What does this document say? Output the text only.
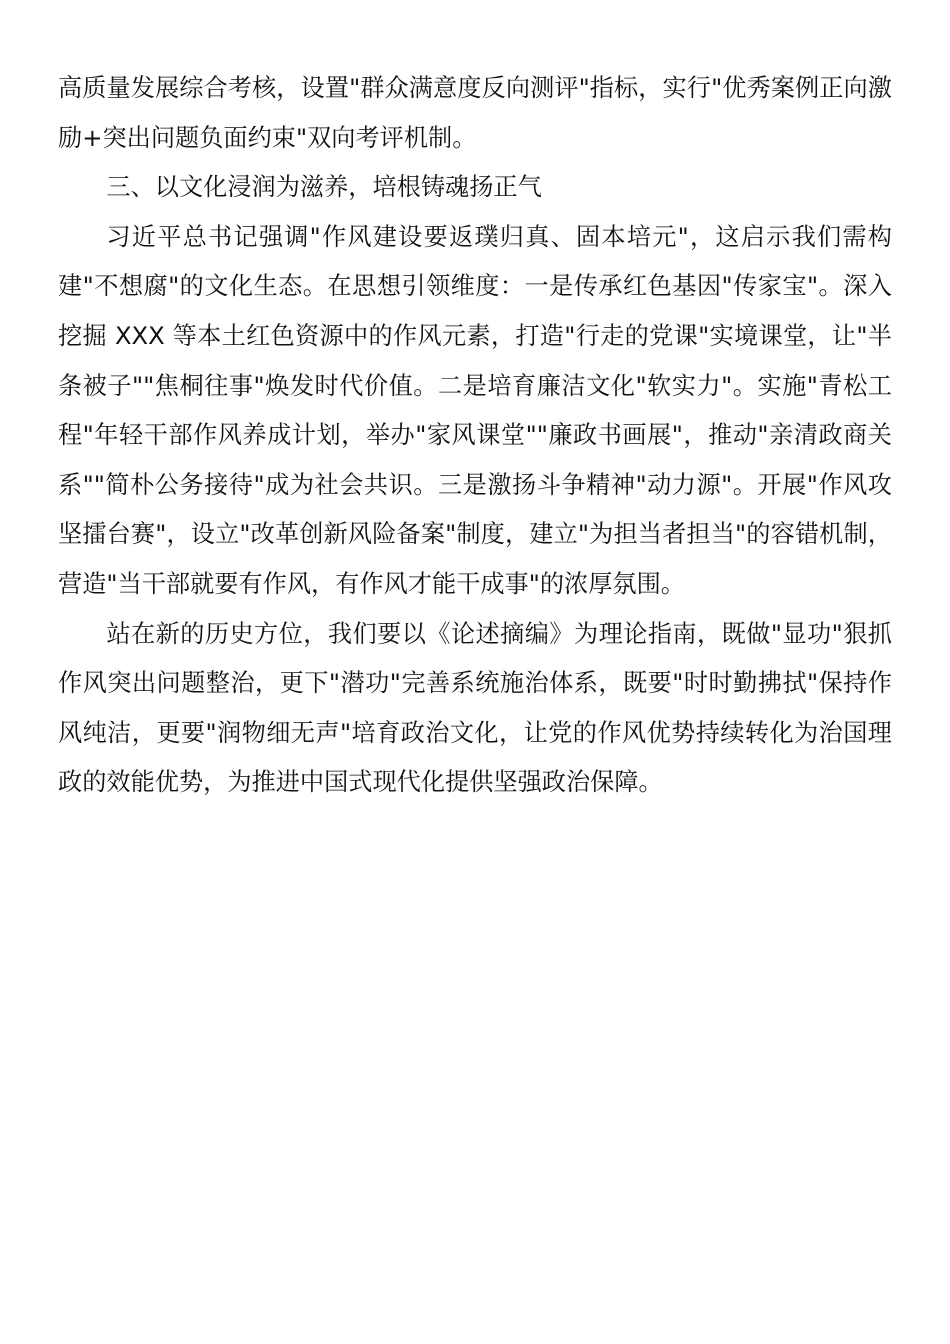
高质量发展综合考核，设置"群众满意度反向测评"指标，实行"优秀案例正向激励+突出问题负面约束"双向考评机制。

三、以文化浸润为滋养，培根铸魂扬正气

习近平总书记强调"作风建设要返璞归真、固本培元"，这启示我们需构建"不想腐"的文化生态。在思想引领维度：一是传承红色基因"传家宝"。深入挖掘 XXX 等本土红色资源中的作风元素，打造"行走的党课"实境课堂，让"半条被子""焦桐往事"焕发时代价值。二是培育廉洁文化"软实力"。实施"青松工程"年轻干部作风养成计划，举办"家风课堂""廉政书画展"，推动"亲清政商关系""简朴公务接待"成为社会共识。三是激扬斗争精神"动力源"。开展"作风攻坚擂台赛"，设立"改革创新风险备案"制度，建立"为担当者担当"的容错机制，营造"当干部就要有作风，有作风才能干成事"的浓厚氛围。

站在新的历史方位，我们要以《论述摘编》为理论指南，既做"显功"狠抓作风突出问题整治，更下"潜功"完善系统施治体系，既要"时时勤拂拭"保持作风纯洁，更要"润物细无声"培育政治文化，让党的作风优势持续转化为治国理政的效能优势，为推进中国式现代化提供坚强政治保障。
